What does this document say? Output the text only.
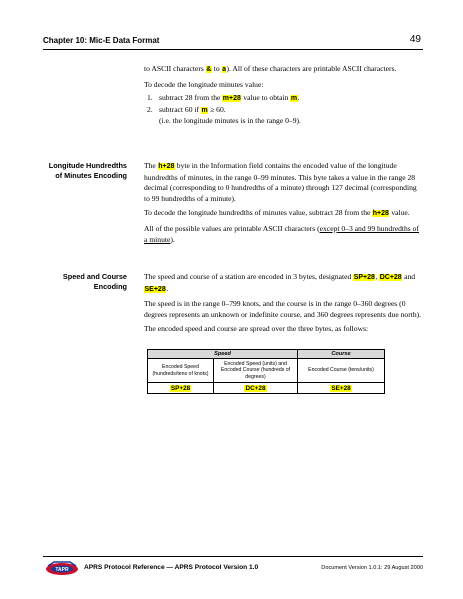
Chapter 10: Mic-E Data Format	49
to ASCII characters & to a). All of these characters are printable ASCII characters.
To decode the longitude minutes value:
1. subtract 28 from the m+28 value to obtain m.
2. subtract 60 if m ≥ 60.
(i.e. the longitude minutes is in the range 0–9).
Longitude Hundredths of Minutes Encoding
The h+28 byte in the Information field contains the encoded value of the longitude hundredths of minutes, in the range 0–99 minutes. This byte takes a value in the range 28 decimal (corresponding to 0 hundredths of a minute) through 127 decimal (corresponding to 99 hundredths of a minute).
To decode the longitude hundredths of minutes value, subtract 28 from the h+28 value.
All of the possible values are printable ASCII characters (except 0–3 and 99 hundredths of a minute).
Speed and Course Encoding
The speed and course of a station are encoded in 3 bytes, designated SP+28, DC+28 and SE+28.
The speed is in the range 0–799 knots, and the course is in the range 0–360 degrees (0 degrees represents an unknown or indefinite course, and 360 degrees represents due north).
The encoded speed and course are spread over the three bytes, as follows:
Speed		Course
Encoded Speed (hundreds/tens of knots)	Encoded Speed (units) and Encoded Course (hundreds of degrees)	Encoded Course (tens/units)
SP+28	DC+28	SE+28
TAPR APRS Protocol Reference — APRS Protocol Version 1.0	Document Version 1.0.1: 29 August 2000
